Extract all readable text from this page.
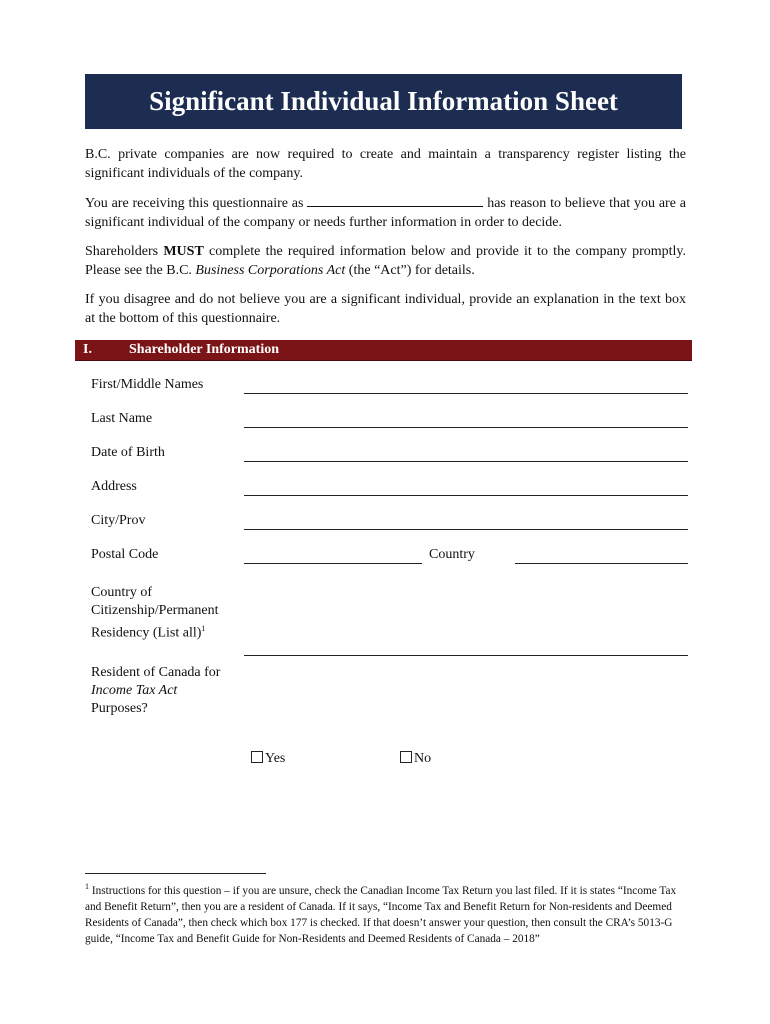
Significant Individual Information Sheet
B.C. private companies are now required to create and maintain a transparency register listing the significant individuals of the company.
You are receiving this questionnaire as	has reason to believe that you are a significant individual of the company or needs further information in order to decide.
Shareholders MUST complete the required information below and provide it to the company promptly. Please see the B.C. Business Corporations Act (the “Act”) for details.
If you disagree and do not believe you are a significant individual, provide an explanation in the text box at the bottom of this questionnaire.
I.	Shareholder Information
First/Middle Names
Last Name
Date of Birth
Address
City/Prov
Postal Code	Country
Country of
Citizenship/Permanent
Residency (List all)$^1$
Resident of Canada for
Income Tax Act
Purposes?
Yes	No
$^1$ Instructions for this question – if you are unsure, check the Canadian Income Tax Return you last filed. If it is states “Income Tax and Benefit Return”, then you are a resident of Canada. If it says, “Income Tax and Benefit Return for Non-residents and Deemed Residents of Canada”, then check which box 177 is checked. If that doesn’t answer your question, then consult the CRA’s 5013-G guide, “Income Tax and Benefit Guide for Non-Residents and Deemed Residents of Canada – 2018”
